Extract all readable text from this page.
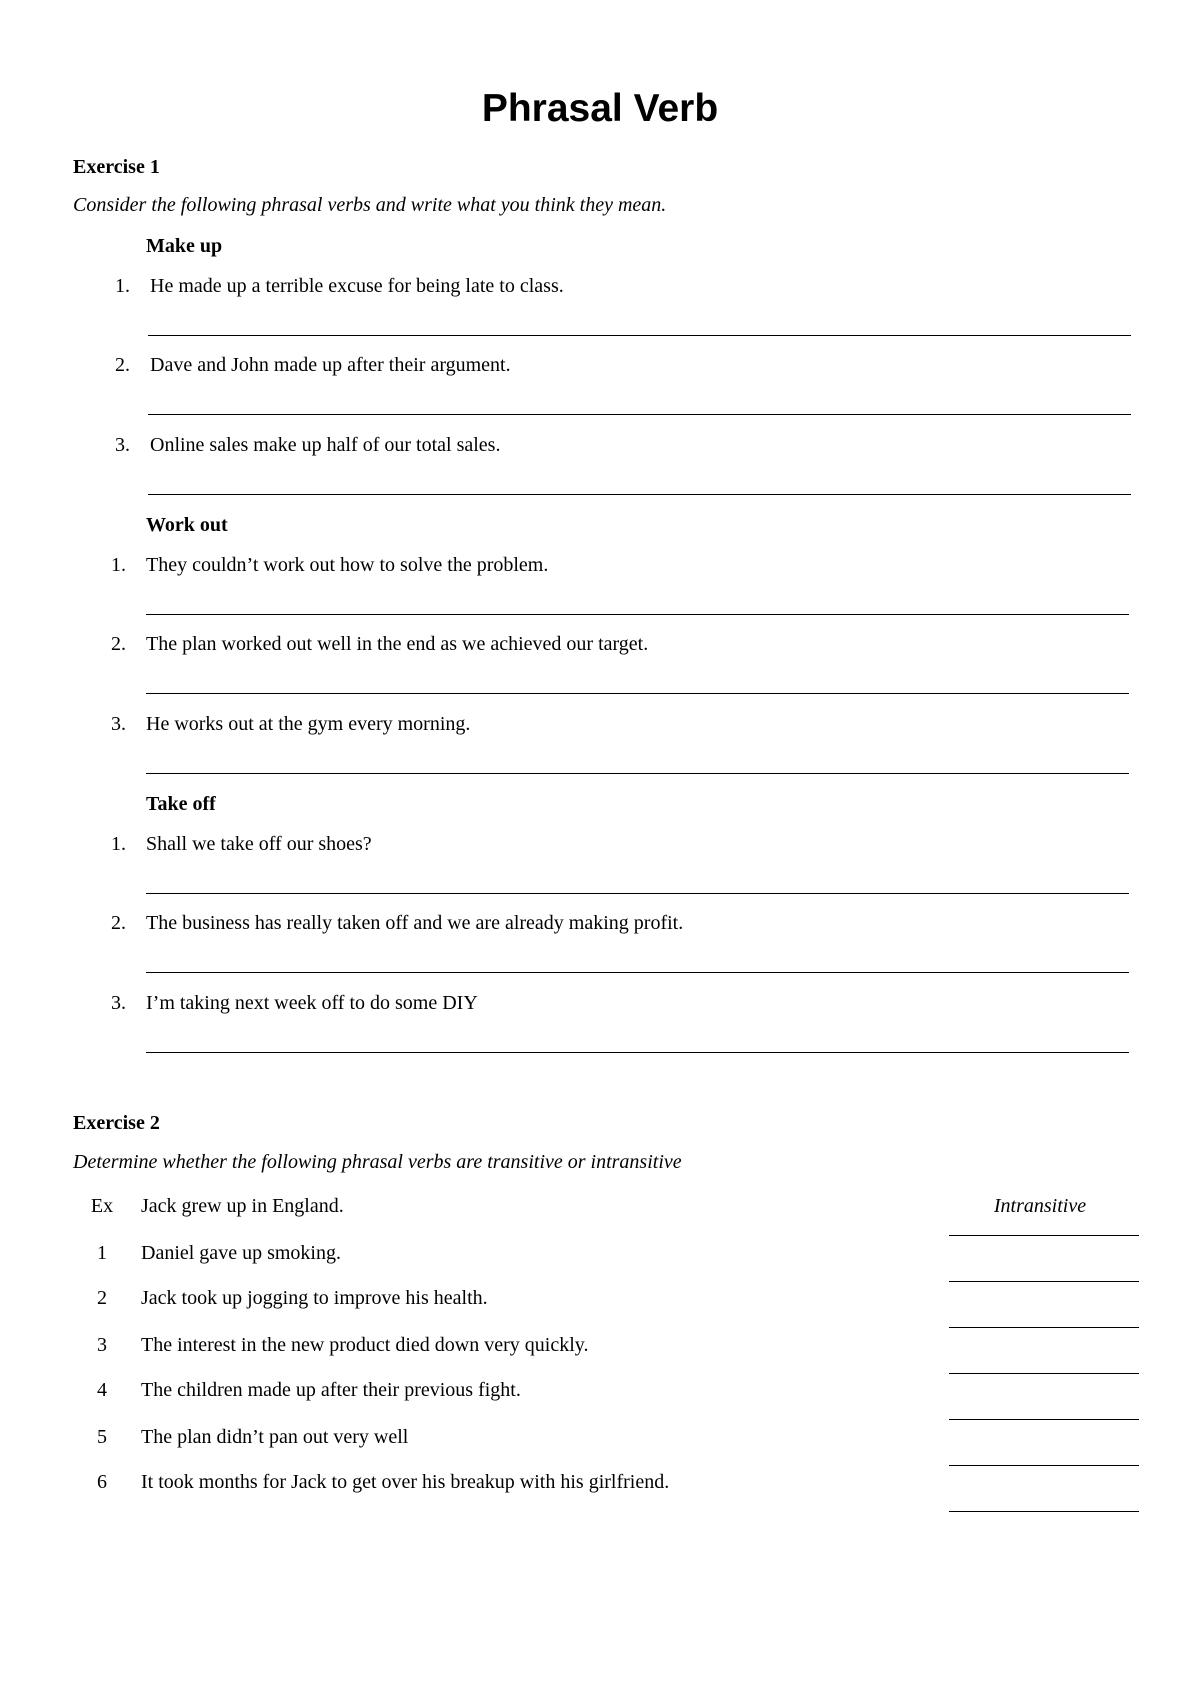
Phrasal Verb
Exercise 1
Consider the following phrasal verbs and write what you think they mean.
Make up
1. He made up a terrible excuse for being late to class.
2. Dave and John made up after their argument.
3. Online sales make up half of our total sales.
Work out
1. They couldn’t work out how to solve the problem.
2. The plan worked out well in the end as we achieved our target.
3. He works out at the gym every morning.
Take off
1. Shall we take off our shoes?
2. The business has really taken off and we are already making profit.
3. I’m taking next week off to do some DIY
Exercise 2
Determine whether the following phrasal verbs are transitive or intransitive
Ex	Jack grew up in England.	Intransitive
1	Daniel gave up smoking.
2	Jack took up jogging to improve his health.
3	The interest in the new product died down very quickly.
4	The children made up after their previous fight.
5	The plan didn’t pan out very well
6	It took months for Jack to get over his breakup with his girlfriend.
